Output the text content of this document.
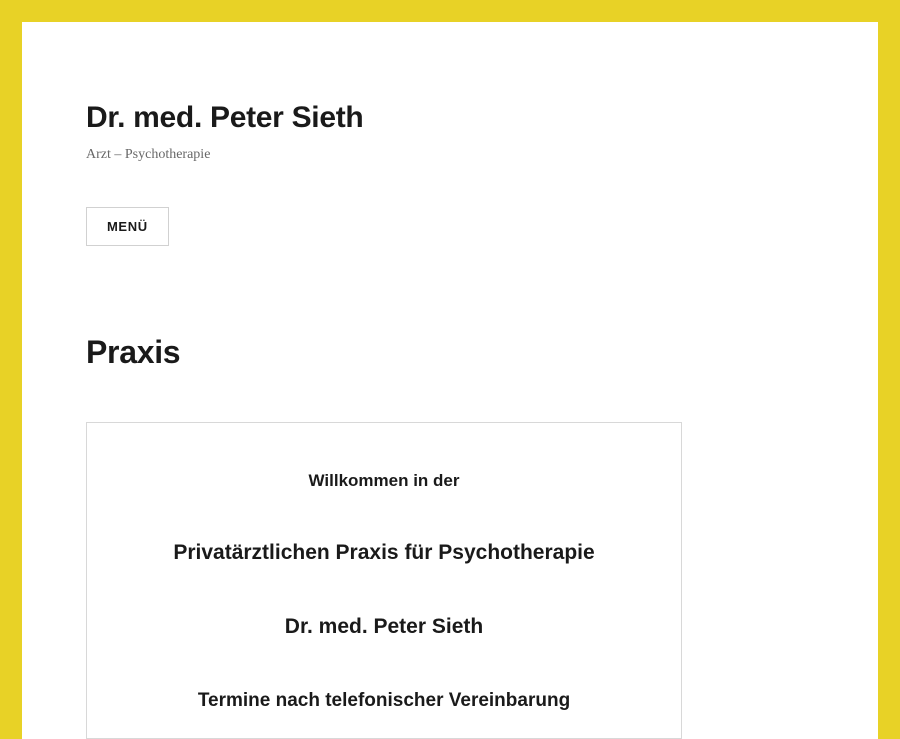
Dr. med. Peter Sieth

Arzt – Psychotherapie

MENÜ
Praxis

Willkommen in der

Privatärztlichen Praxis für Psychotherapie

Dr. med. Peter Sieth

Termine nach telefonischer Vereinbarung
